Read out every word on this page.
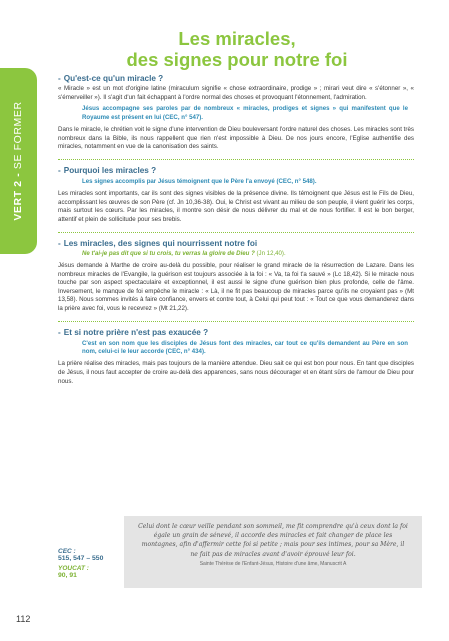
VERT 2 - SE FORMER
Les miracles,
des signes pour notre foi
- Qu'est-ce qu'un miracle ?

« Miracle » est un mot d'origine latine (miraculum signifie « chose extraordinaire, prodige » ; mirari veut dire « s'étonner », « s'émerveiller »). Il s'agit d'un fait échappant à l'ordre normal des choses et provoquant l'étonnement, l'admiration.

Jésus accompagne ses paroles par de nombreux « miracles, prodiges et signes » qui manifestent que le Royaume est présent en lui (CEC, n° 547).

Dans le miracle, le chrétien voit le signe d'une intervention de Dieu bouleversant l'ordre naturel des choses. Les miracles sont très nombreux dans la Bible, ils nous rappellent que rien n'est impossible à Dieu. De nos jours encore, l'Eglise authentifie des miracles, notamment en vue de la canonisation des saints.

- Pourquoi les miracles ?

Les signes accomplis par Jésus témoignent que le Père l'a envoyé (CEC, n° 548).

Les miracles sont importants, car ils sont des signes visibles de la présence divine. Ils témoignent que Jésus est le Fils de Dieu, accomplissant les œuvres de son Père (cf. Jn 10,36-38). Oui, le Christ est vivant au milieu de son peuple, il vient guérir les corps, mais surtout les cœurs. Par les miracles, il montre son désir de nous délivrer du mal et de nous fortifier. Il est le bon berger, attentif et plein de sollicitude pour ses brebis.

- Les miracles, des signes qui nourrissent notre foi

Ne t'ai-je pas dit que si tu crois, tu verras la gloire de Dieu ? (Jn 12,40).

Jésus demande à Marthe de croire au-delà du possible, pour réaliser le grand miracle de la résurrection de Lazare. Dans les nombreux miracles de l'Evangile, la guérison est toujours associée à la foi : « Va, ta foi t'a sauvé » (Lc 18,42). Si le miracle nous touche par son aspect spectaculaire et exceptionnel, il est aussi le signe d'une guérison bien plus profonde, celle de l'âme. Inversement, le manque de foi empêche le miracle : « Là, il ne fit pas beaucoup de miracles parce qu'ils ne croyaient pas » (Mt 13,58). Nous sommes invités à faire confiance, envers et contre tout, à Celui qui peut tout : « Tout ce que vous demanderez dans la prière avec foi, vous le recevrez » (Mt 21,22).

- Et si notre prière n'est pas exaucée ?

C'est en son nom que les disciples de Jésus font des miracles, car tout ce qu'ils demandent au Père en son nom, celui-ci le leur accorde (CEC, n° 434).

La prière réalise des miracles, mais pas toujours de la manière attendue. Dieu sait ce qui est bon pour nous. En tant que disciples de Jésus, il nous faut accepter de croire au-delà des apparences, sans nous décourager et en étant sûrs de l'amour de Dieu pour nous.

CEC :
515, 547 – 550
YOUCAT :
90, 91

Celui dont le cœur veille pendant son sommeil, me fit comprendre qu'à ceux dont la foi égale un grain de sénevé, il accorde des miracles et fait changer de place les montagnes, afin d'affermir cette foi si petite ; mais pour ses intimes, pour sa Mère, il ne fait pas de miracles avant d'avoir éprouvé leur foi.

Sainte Thérèse de l'Enfant-Jésus, Histoire d'une âme, Manuscrit A

112
